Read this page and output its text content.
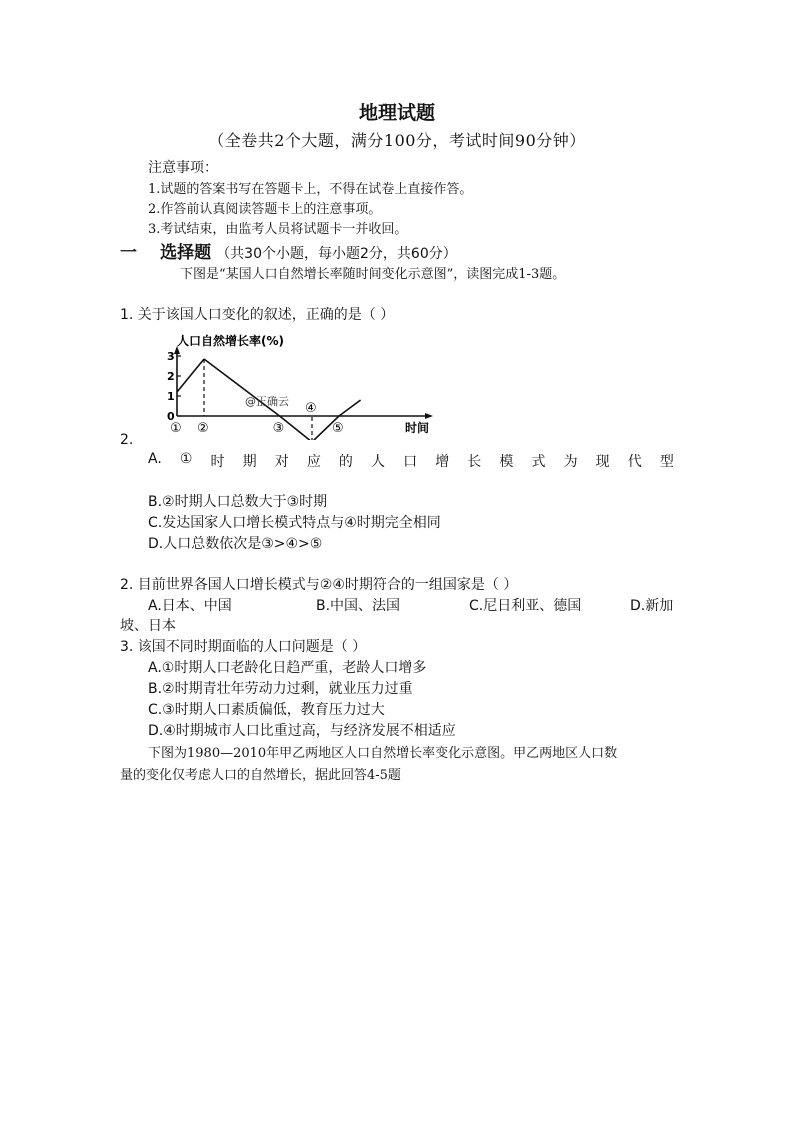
地理试题
（全卷共2个大题，满分100分，考试时间90分钟）
注意事项：
1.试题的答案书写在答题卡上，不得在试卷上直接作答。
2.作答前认真阅读答题卡上的注意事项。
3.考试结束，由监考人员将试题卡一并收回。
一 选择题 （共30个小题，每小题2分，共60分）
下图是“某国人口自然增长率随时间变化示意图”，读图完成1-3题。
1. 关于该国人口变化的叙述，正确的是（ ）
人口自然增长率(%)
0
1
2
3
① ②	③
④
⑤
@正确云
时间
2.
A. ① 时 期 对 应 的 人 口 增 长 模 式 为 现 代 型
B.②时期人口总数大于③时期
C.发达国家人口增长模式特点与④时期完全相同
D.人口总数依次是③>④>⑤
2. 目前世界各国人口增长模式与②④时期符合的一组国家是（ ）
A.日本、中国	B.中国、法国	C.尼日利亚、德国	D.新加
坡、日本
3. 该国不同时期面临的人口问题是（ ）
A.①时期人口老龄化日趋严重，老龄人口增多
B.②时期青壮年劳动力过剩，就业压力过重
C.③时期人口素质偏低，教育压力过大
D.④时期城市人口比重过高，与经济发展不相适应
下图为1980—2010年甲乙两地区人口自然增长率变化示意图。甲乙两地区人口数
量的变化仅考虑人口的自然增长，据此回答4-5题
